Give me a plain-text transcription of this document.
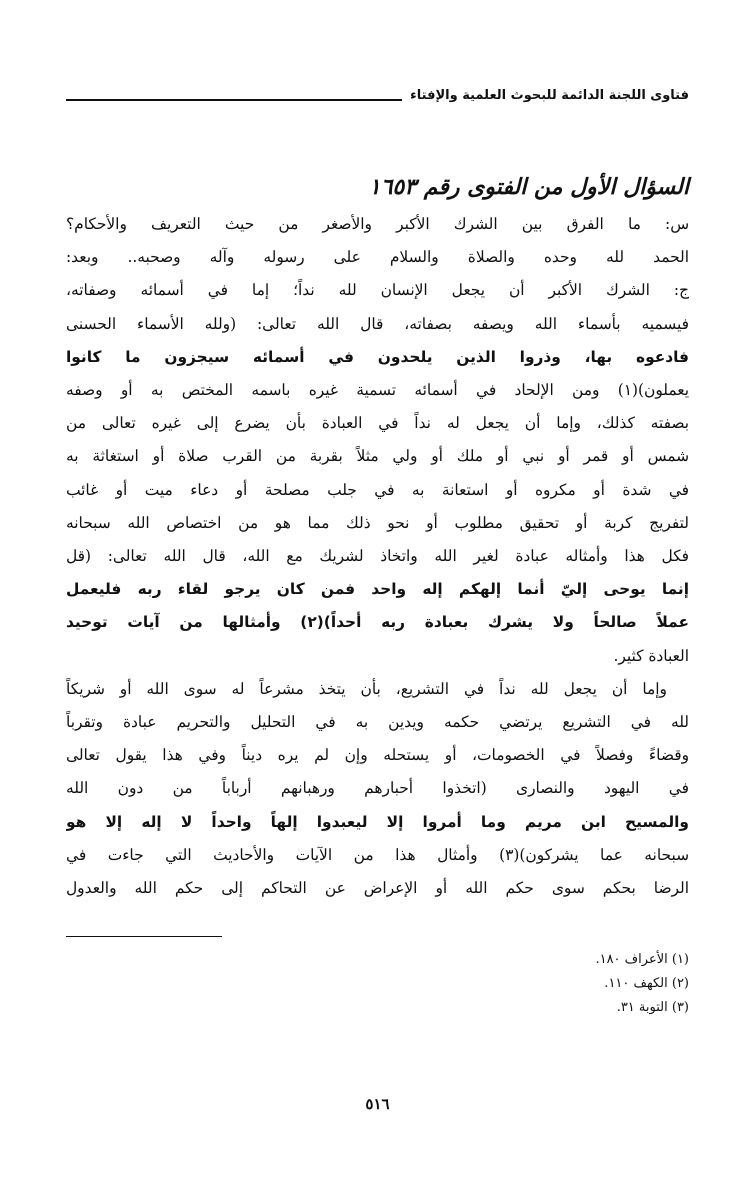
فتاوى اللجنة الدائمة للبحوث العلمية والإفتاء

السؤال الأول من الفتوى رقم ١٦٥٣

س: ما الفرق بين الشرك الأكبر والأصغر من حيث التعريف والأحكام؟

الحمد لله وحده والصلاة والسلام على رسوله وآله وصحبه.. وبعد:

ج: الشرك الأكبر أن يجعل الإنسان لله نداً؛ إما في أسمائه وصفاته،

فيسميه بأسماء الله ويصفه بصفاته، قال الله تعالى: (ولله الأسماء الحسنى

فادعوه بها، وذروا الذين يلحدون في أسمائه سيجزون ما كانوا

يعملون)(١) ومن الإلحاد في أسمائه تسمية غيره باسمه المختص به أو وصفه

بصفته كذلك، وإما أن يجعل له نداً في العبادة بأن يضرع إلى غيره تعالى من

شمس أو قمر أو نبي أو ملك أو ولي مثلاً بقربة من القرب صلاة أو استغاثة به

في شدة أو مكروه أو استعانة به في جلب مصلحة أو دعاء ميت أو غائب

لتفريج كربة أو تحقيق مطلوب أو نحو ذلك مما هو من اختصاص الله سبحانه

فكل هذا وأمثاله عبادة لغير الله واتخاذ لشريك مع الله، قال الله تعالى: (قل

إنما يوحى إليّ أنما إلهكم إله واحد فمن كان يرجو لقاء ربه فليعمل

عملاً صالحاً ولا يشرك بعبادة ربه أحداً)(٢) وأمثالها من آيات توحيد

العبادة كثير.

وإما أن يجعل لله نداً في التشريع، بأن يتخذ مشرعاً له سوى الله أو شريكاً

لله في التشريع يرتضي حكمه ويدين به في التحليل والتحريم عبادة وتقرباً

وقضاءً وفصلاً في الخصومات، أو يستحله وإن لم يره ديناً وفي هذا يقول تعالى

في اليهود والنصارى (اتخذوا أحبارهم ورهبانهم أرباباً من دون الله

والمسيح ابن مريم وما أمروا إلا ليعبدوا إلهاً واحداً لا إله إلا هو

سبحانه عما يشركون)(٣) وأمثال هذا من الآيات والأحاديث التي جاءت في

الرضا بحكم سوى حكم الله أو الإعراض عن التحاكم إلى حكم الله والعدول

(١) الأعراف ١٨٠.

(٢) الكهف ١١٠.

(٣) التوبة ٣١.

٥١٦
